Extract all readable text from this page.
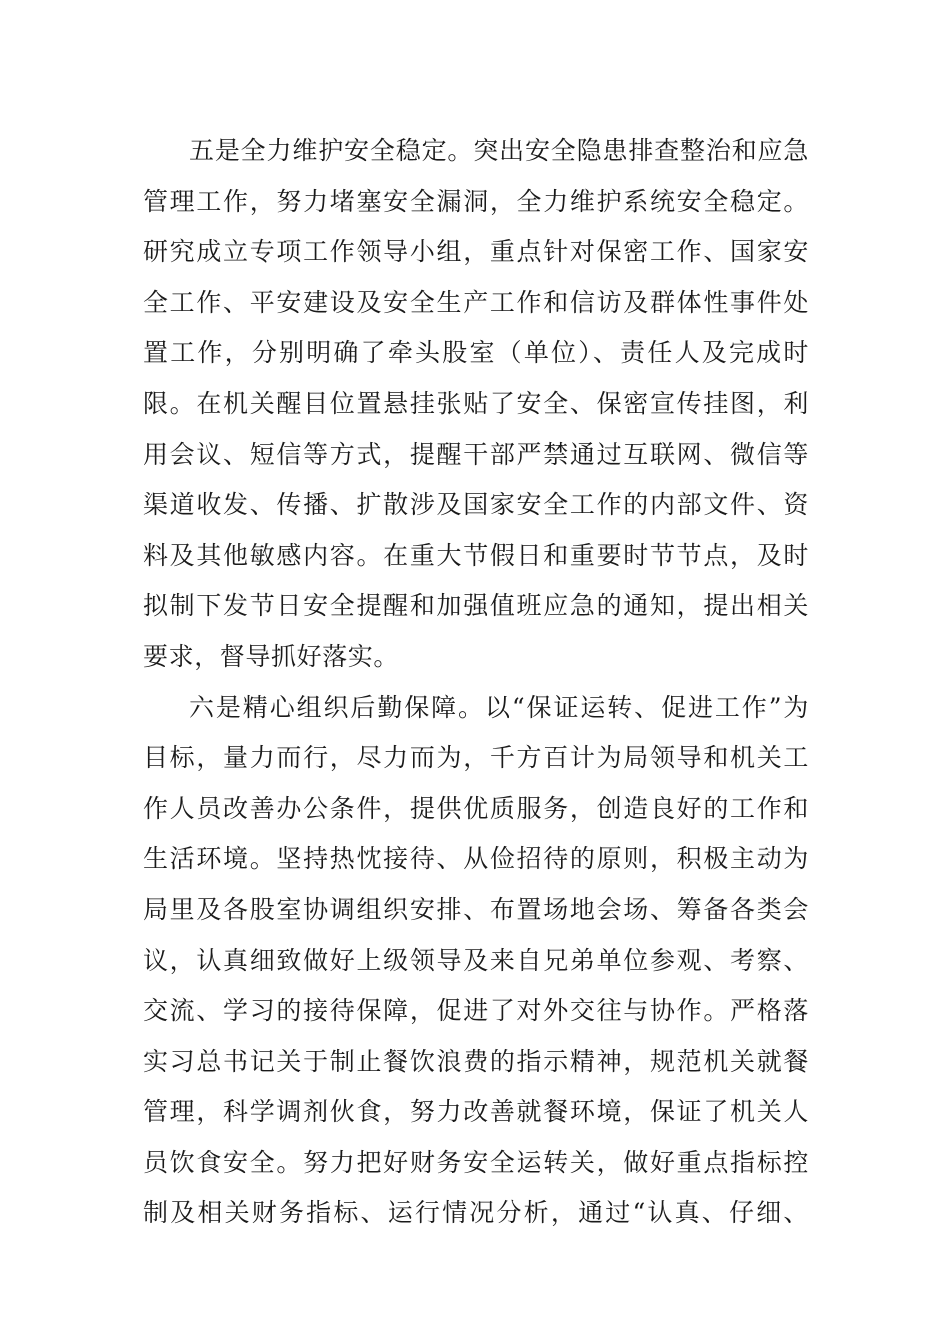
五是全力维护安全稳定。突出安全隐患排查整治和应急
管理工作，努力堵塞安全漏洞，全力维护系统安全稳定。
研究成立专项工作领导小组，重点针对保密工作、国家安
全工作、平安建设及安全生产工作和信访及群体性事件处
置工作，分别明确了牵头股室（单位）、责任人及完成时
限。在机关醒目位置悬挂张贴了安全、保密宣传挂图，利
用会议、短信等方式，提醒干部严禁通过互联网、微信等
渠道收发、传播、扩散涉及国家安全工作的内部文件、资
料及其他敏感内容。在重大节假日和重要时节节点，及时
拟制下发节日安全提醒和加强值班应急的通知，提出相关
要求，督导抓好落实。
六是精心组织后勤保障。以“保证运转、促进工作”为
目标，量力而行，尽力而为，千方百计为局领导和机关工
作人员改善办公条件，提供优质服务，创造良好的工作和
生活环境。坚持热忱接待、从俭招待的原则，积极主动为
局里及各股室协调组织安排、布置场地会场、筹备各类会
议，认真细致做好上级领导及来自兄弟单位参观、考察、
交流、学习的接待保障，促进了对外交往与协作。严格落
实习总书记关于制止餐饮浪费的指示精神，规范机关就餐
管理，科学调剂伙食，努力改善就餐环境，保证了机关人
员饮食安全。努力把好财务安全运转关，做好重点指标控
制及相关财务指标、运行情况分析，通过“认真、仔细、
